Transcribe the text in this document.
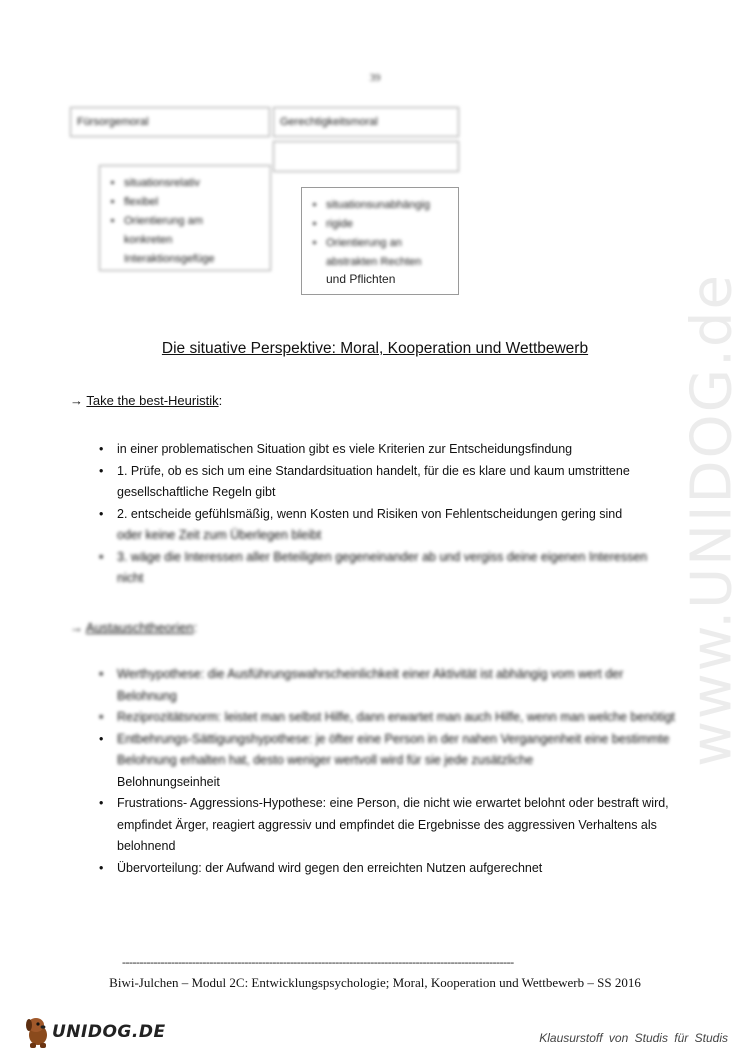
www.UNIDOG.de
39
Fürsorgemoral	Gerechtigkeitsmoral
• situationsrelativ
• flexibel
• Orientierung am
konkreten
Interaktionsgefüge
• situationsunabhängig
• rigide
• Orientierung an
abstrakten Rechten
und Pflichten
Die situative Perspektive: Moral, Kooperation und Wettbewerb
→ Take the best-Heuristik:
• in einer problematischen Situation gibt es viele Kriterien zur Entscheidungsfindung
• 1. Prüfe, ob es sich um eine Standardsituation handelt, für die es klare und kaum umstrittene gesellschaftliche Regeln gibt
• 2. entscheide gefühlsmäßig, wenn Kosten und Risiken von Fehlentscheidungen gering sind
oder keine Zeit zum Überlegen bleibt
• 3. wäge die Interessen aller Beteiligten gegeneinander ab und vergiss deine eigenen Interessen nicht
→ Austauschtheorien:
• Werthypothese: die Ausführungswahrscheinlichkeit einer Aktivität ist abhängig vom wert der Belohnung
• Reziprozitätsnorm: leistet man selbst Hilfe, dann erwartet man auch Hilfe, wenn man welche benötigt
• Entbehrungs-Sättigungshypothese: je öfter eine Person in der nahen Vergangenheit eine bestimmte Belohnung erhalten hat, desto weniger wertvoll wird für sie jede zusätzliche
Belohnungseinheit
• Frustrations- Aggressions-Hypothese: eine Person, die nicht wie erwartet belohnt oder bestraft wird, empfindet Ärger, reagiert aggressiv und empfindet die Ergebnisse des aggressiven Verhaltens als belohnend
• Übervorteilung: der Aufwand wird gegen den erreichten Nutzen aufgerechnet
----------------------------------------------------------------------------------------------------------------
Biwi-Julchen – Modul 2C: Entwicklungspsychologie; Moral, Kooperation und Wettbewerb – SS 2016
UNIDOG.DE	Klausurstoff von Studis für Studis
